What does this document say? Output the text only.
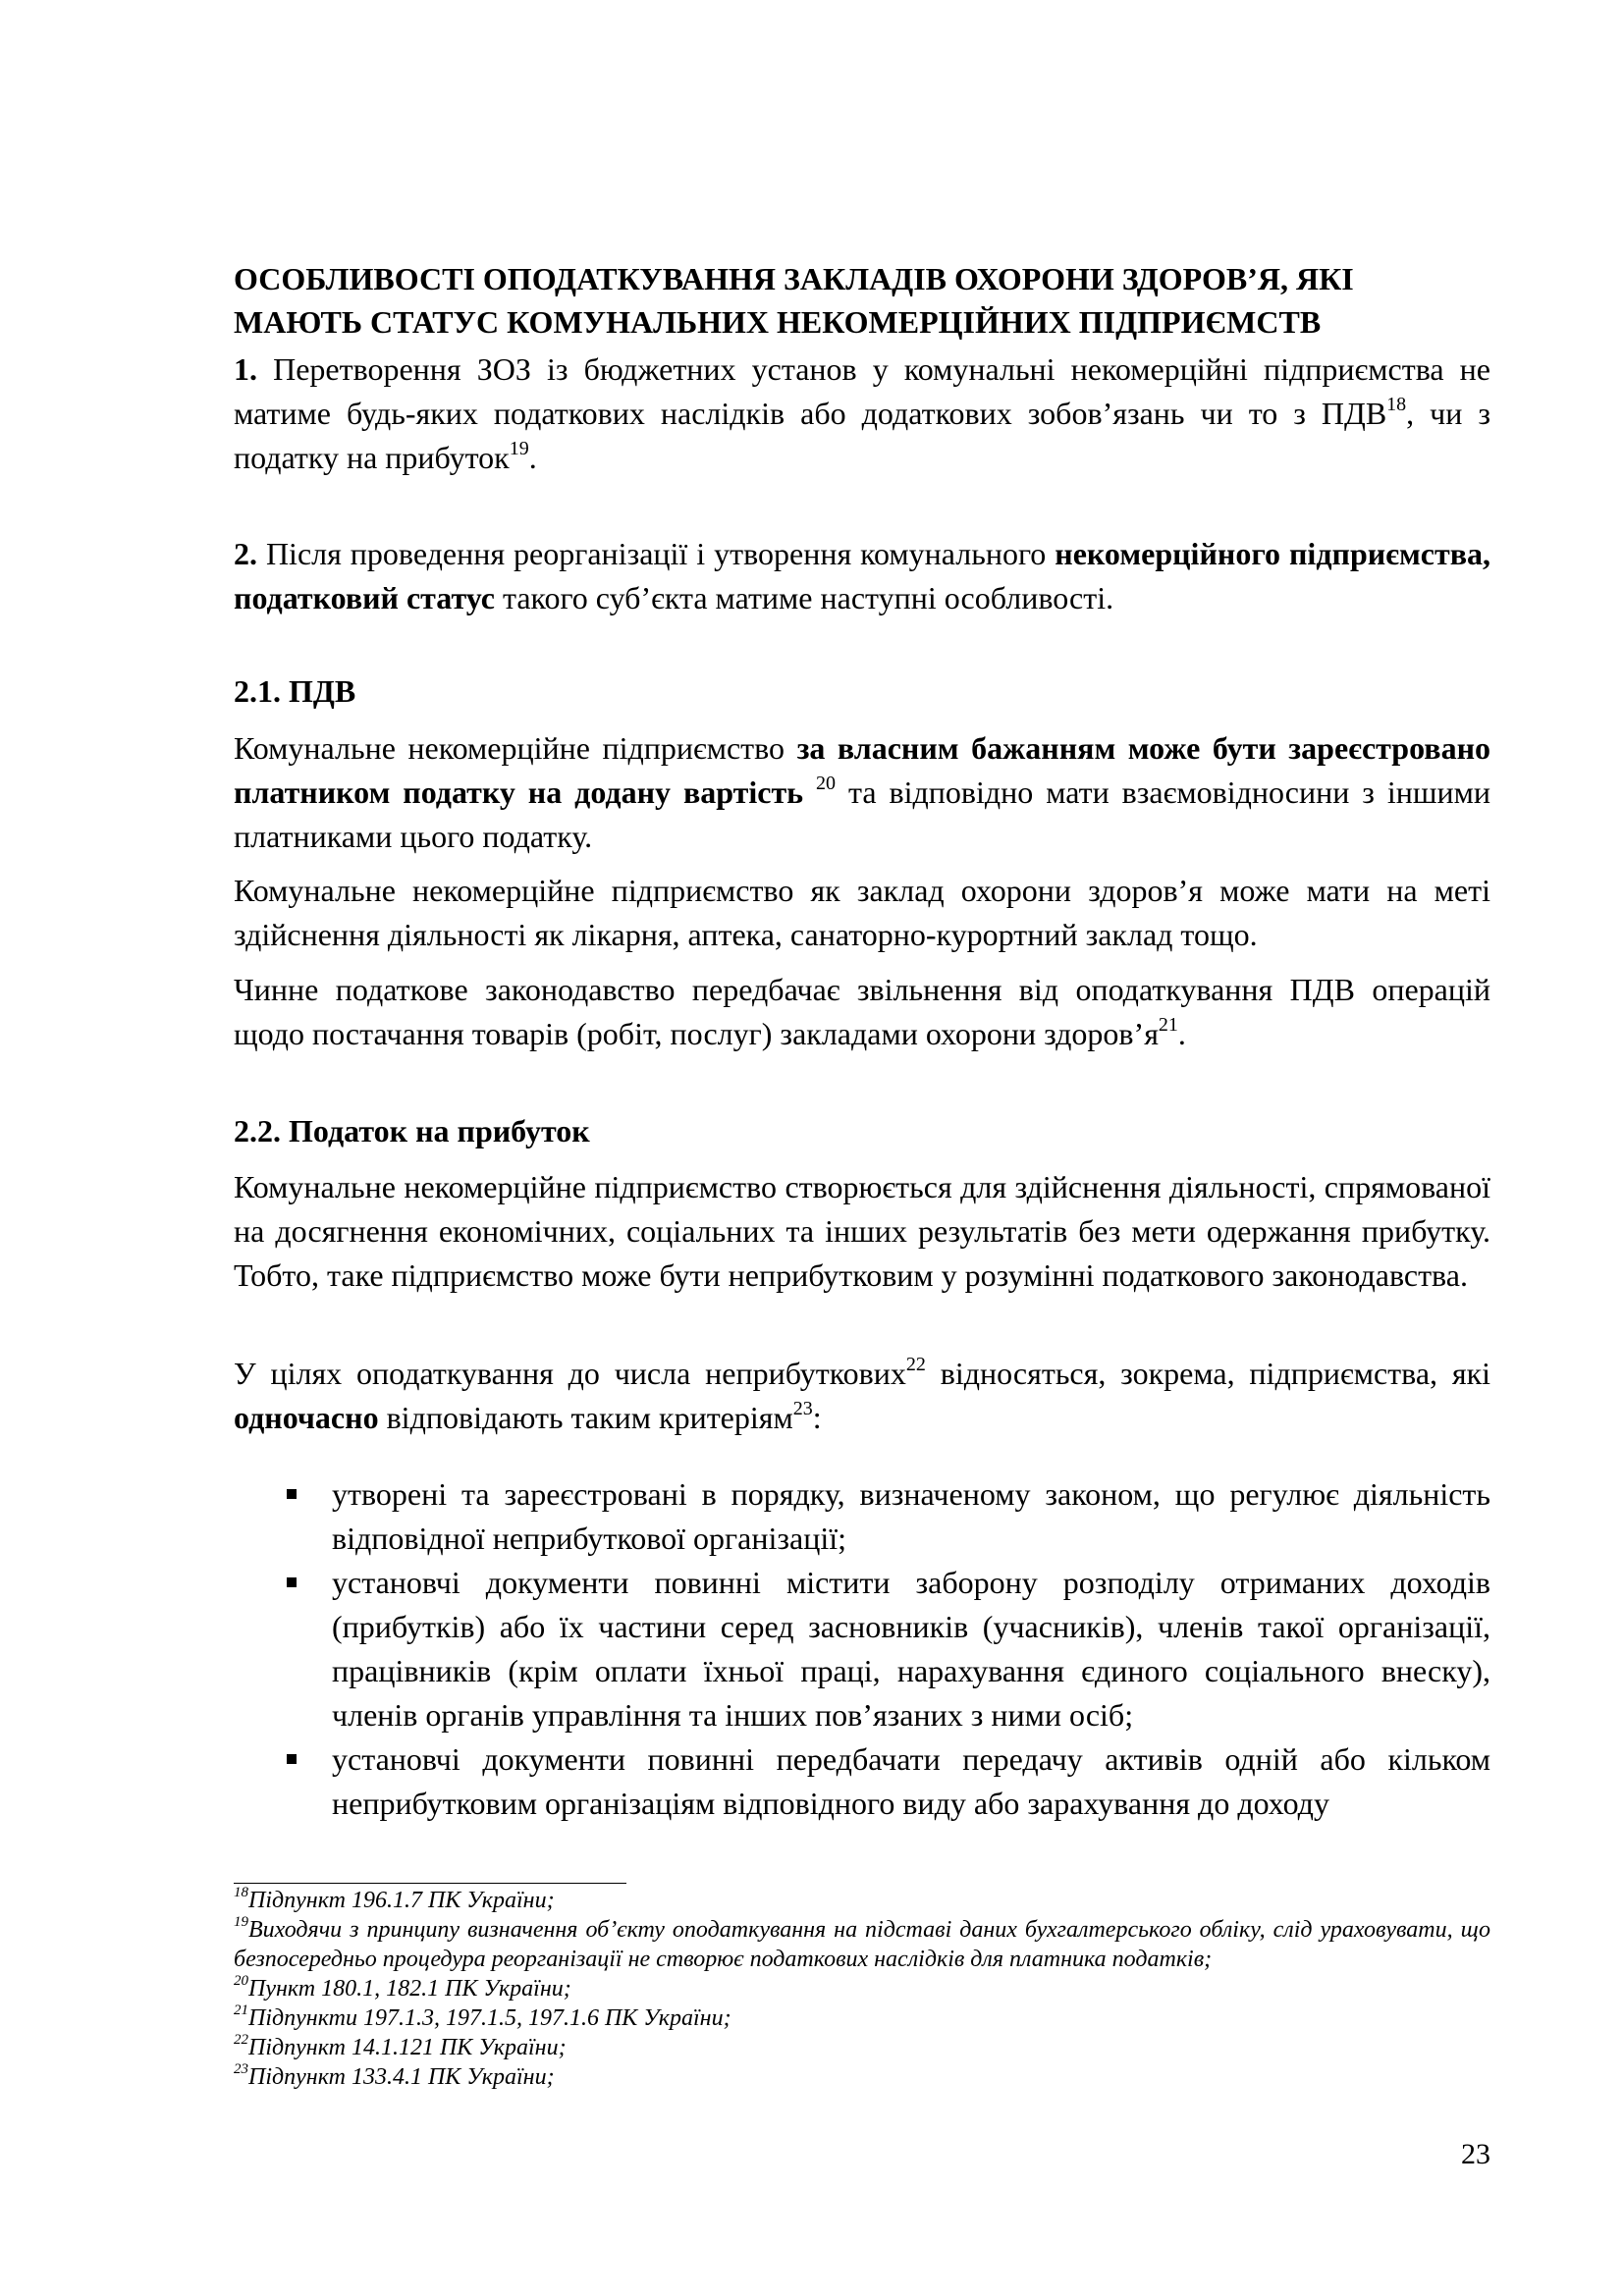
ОСОБЛИВОСТІ ОПОДАТКУВАННЯ ЗАКЛАДІВ ОХОРОНИ ЗДОРОВ’Я, ЯКІ
МАЮТЬ СТАТУС КОМУНАЛЬНИХ НЕКОМЕРЦІЙНИХ ПІДПРИЄМСТВ

1. Перетворення ЗОЗ із бюджетних установ у комунальні некомерційні підприємства не матиме будь-яких податкових наслідків або додаткових зобов’язань чи то з ПДВ$^{18}$, чи з податку на прибуток$^{19}$.

2. Після проведення реорганізації і утворення комунального некомерційного підприємства, податковий статус такого суб’єкта матиме наступні особливості.

2.1. ПДВ

Комунальне некомерційне підприємство за власним бажанням може бути зареєстровано платником податку на додану вартість $^{20}$ та відповідно мати взаємовідносини з іншими платниками цього податку.

Комунальне некомерційне підприємство як заклад охорони здоров’я може мати на меті здійснення діяльності як лікарня, аптека, санаторно-курортний заклад тощо.

Чинне податкове законодавство передбачає звільнення від оподаткування ПДВ операцій щодо постачання товарів (робіт, послуг) закладами охорони $здоров’я^{21}$.

2.2. Податок на прибуток

Комунальне некомерційне підприємство створюється для здійснення діяльності, спрямованої на досягнення економічних, соціальних та інших результатів без мети одержання прибутку. Тобто, таке підприємство може бути неприбутковим у розумінні податкового законодавства.

У цілях оподаткування до числа неприбуткових$^{22}$ відносяться, зокрема, підприємства, які одночасно відповідають таким критеріям$^{23}$:

утворені та зареєстровані в порядку, визначеному законом, що регулює діяльність відповідної неприбуткової організації;
установчі документи повинні містити заборону розподілу отриманих доходів (прибутків) або їх частини серед засновників (учасників), членів такої організації, працівників (крім оплати їхньої праці, нарахування єдиного соціального внеску), членів органів управління та інших пов’язаних з ними осіб;
установчі документи повинні передбачати передачу активів одній або кільком неприбутковим організаціям відповідного виду або зарахування до доходу

$^{18}$Підпункт 196.1.7 ПК України;

$^{19}$Виходячи з принципу визначення об’єкту оподаткування на підставі даних бухгалтерського обліку, слід ураховувати, що безпосередньо процедура реорганізації не створює податкових наслідків для платника податків;

$^{20}$Пункт 180.1, 182.1 ПК України;

$^{21}$Підпункти 197.1.3, 197.1.5, 197.1.6 ПК України;

$^{22}$Підпункт 14.1.121 ПК України;

$^{23}$Підпункт 133.4.1 ПК України;

23
